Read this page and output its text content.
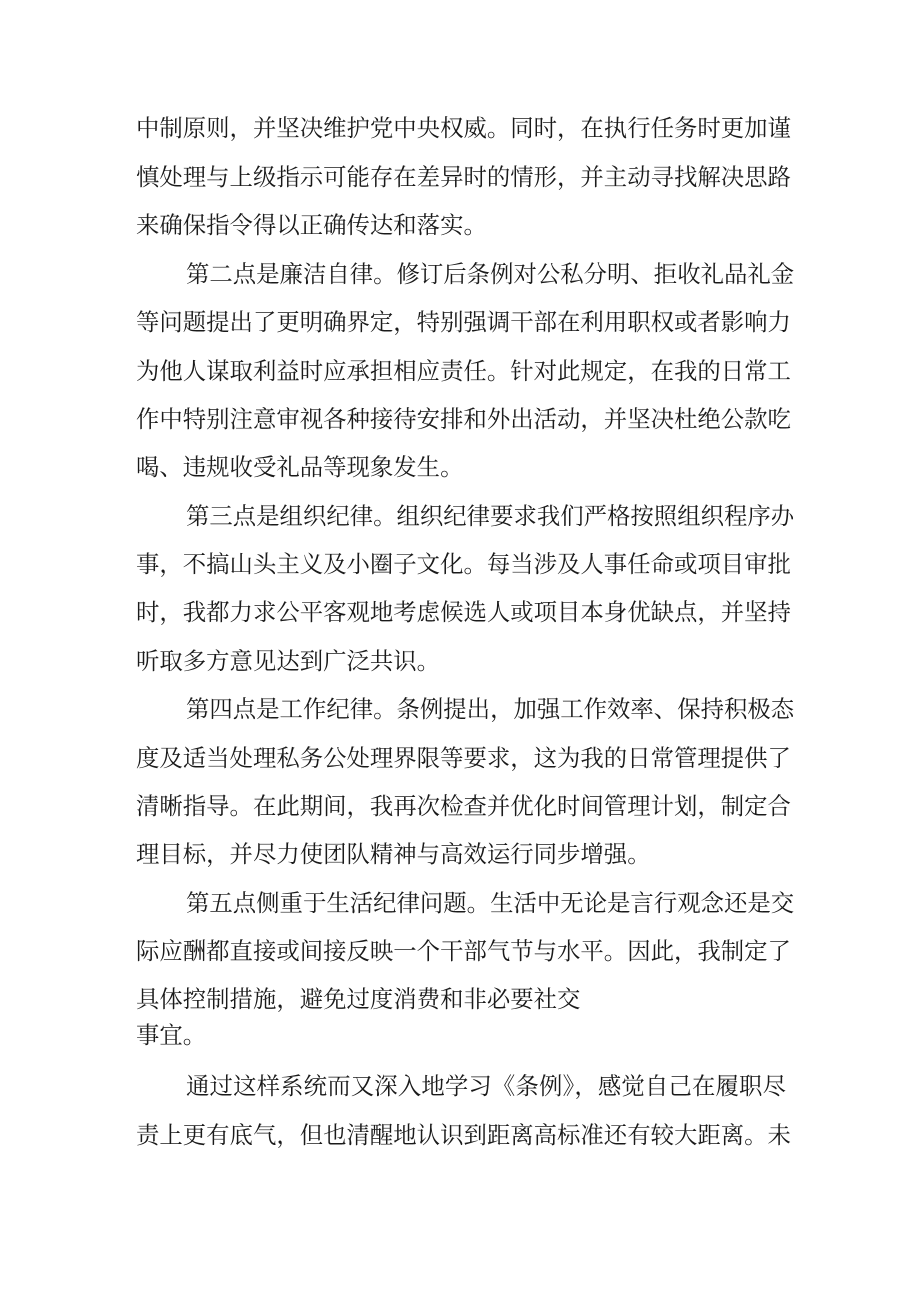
中制原则，并坚决维护党中央权威。同时，在执行任务时更加谨
慎处理与上级指示可能存在差异时的情形，并主动寻找解决思路
来确保指令得以正确传达和落实。
第二点是廉洁自律。修订后条例对公私分明、拒收礼品礼金
等问题提出了更明确界定，特别强调干部在利用职权或者影响力
为他人谋取利益时应承担相应责任。针对此规定，在我的日常工
作中特别注意审视各种接待安排和外出活动，并坚决杜绝公款吃
喝、违规收受礼品等现象发生。
第三点是组织纪律。组织纪律要求我们严格按照组织程序办
事，不搞山头主义及小圈子文化。每当涉及人事任命或项目审批
时，我都力求公平客观地考虑候选人或项目本身优缺点，并坚持
听取多方意见达到广泛共识。
第四点是工作纪律。条例提出，加强工作效率、保持积极态
度及适当处理私务公处理界限等要求，这为我的日常管理提供了
清晰指导。在此期间，我再次检查并优化时间管理计划，制定合
理目标，并尽力使团队精神与高效运行同步增强。
第五点侧重于生活纪律问题。生活中无论是言行观念还是交
际应酬都直接或间接反映一个干部气节与水平。因此，我制定了
具体控制措施，避免过度消费和非必要社交
事宜。
通过这样系统而又深入地学习《条例》，感觉自己在履职尽
责上更有底气，但也清醒地认识到距离高标准还有较大距离。未
